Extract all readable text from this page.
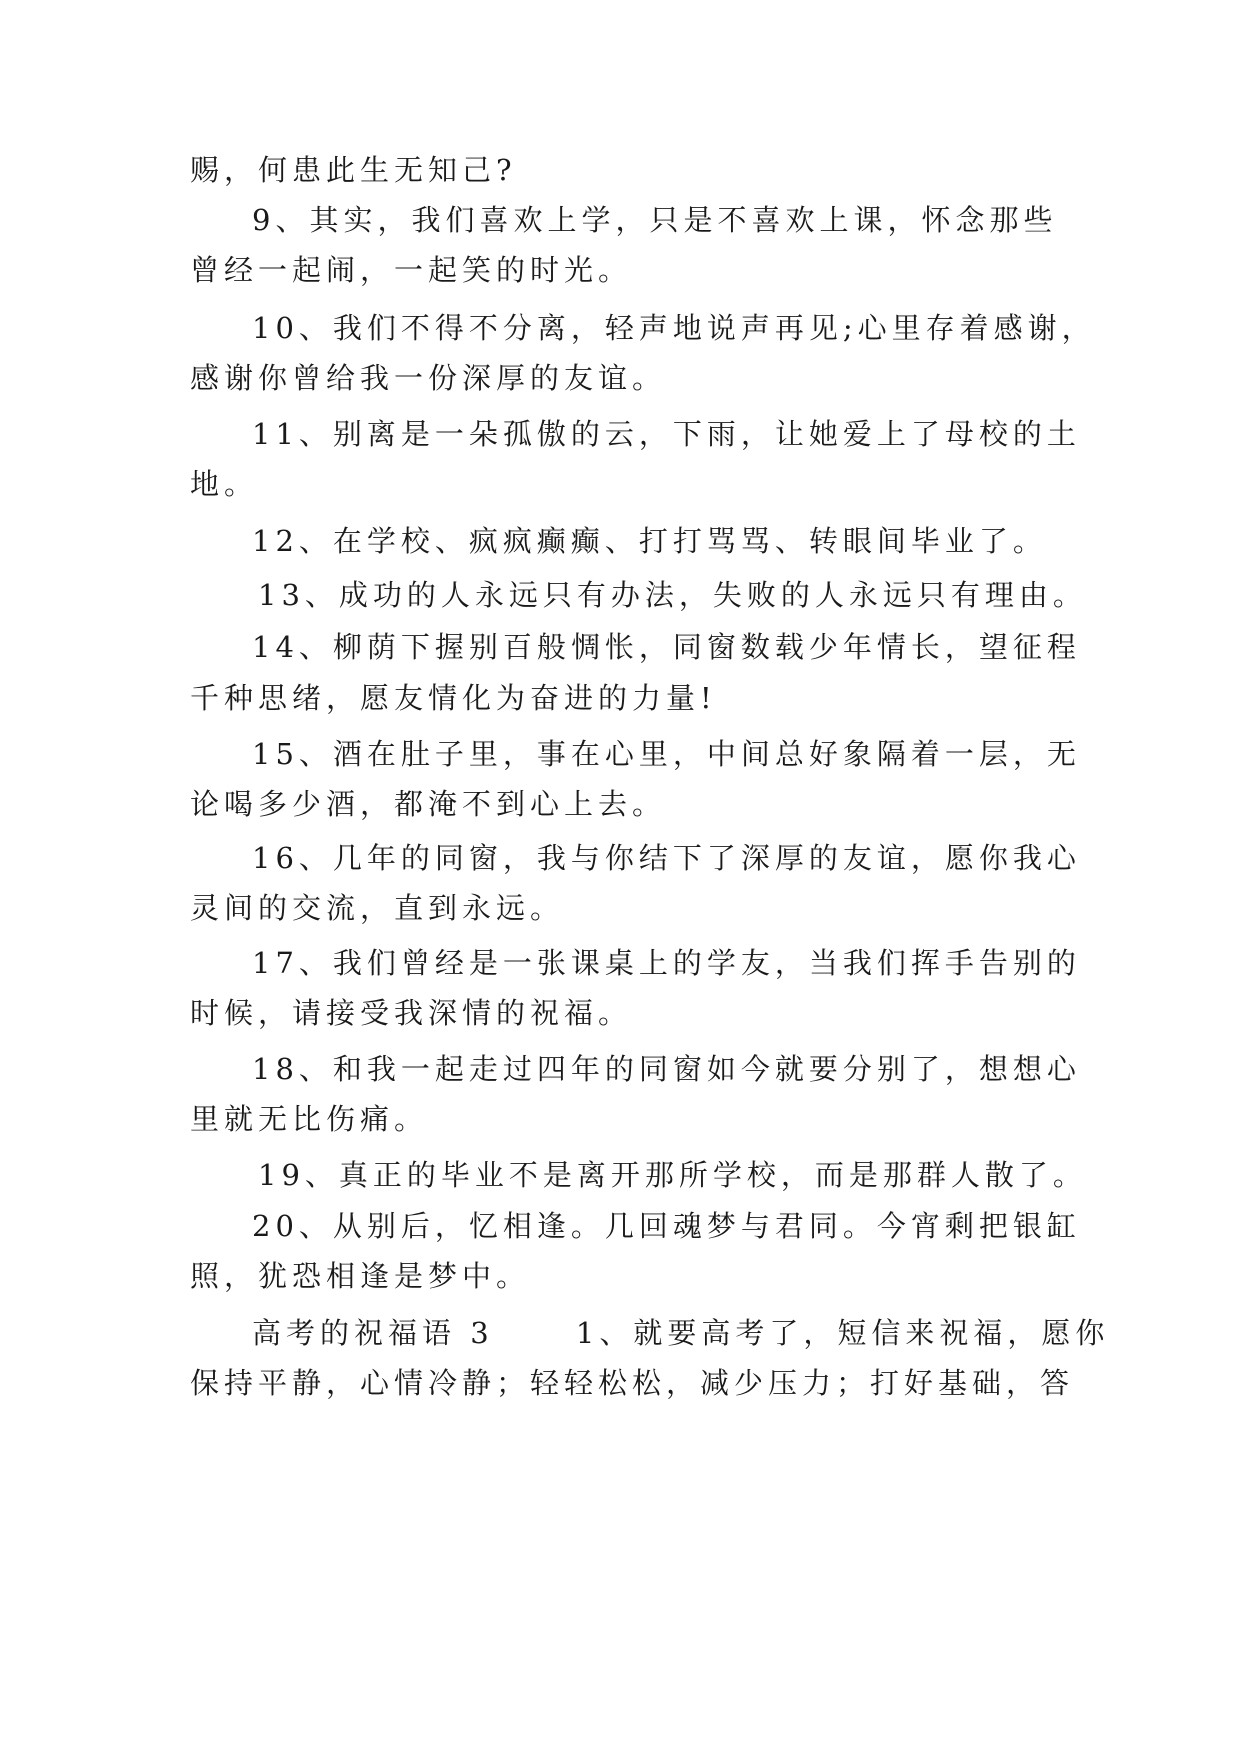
赐，何患此生无知己?
9、其实，我们喜欢上学，只是不喜欢上课，怀念那些
曾经一起闹，一起笑的时光。
10、我们不得不分离，轻声地说声再见;心里存着感谢，
感谢你曾给我一份深厚的友谊。
11、别离是一朵孤傲的云，下雨，让她爱上了母校的土
地。
12、在学校、疯疯癫癫、打打骂骂、转眼间毕业了。
13、成功的人永远只有办法，失败的人永远只有理由。
14、柳荫下握别百般惆怅，同窗数载少年情长，望征程
千种思绪，愿友情化为奋进的力量!
15、酒在肚子里，事在心里，中间总好象隔着一层，无
论喝多少酒，都淹不到心上去。
16、几年的同窗，我与你结下了深厚的友谊，愿你我心
灵间的交流，直到永远。
17、我们曾经是一张课桌上的学友，当我们挥手告别的
时候，请接受我深情的祝福。
18、和我一起走过四年的同窗如今就要分别了，想想心
里就无比伤痛。
19、真正的毕业不是离开那所学校，而是那群人散了。
20、从别后，忆相逢。几回魂梦与君同。今宵剩把银缸
照，犹恐相逢是梦中。
高考的祝福语 3　　 1、就要高考了，短信来祝福，愿你
保持平静，心情冷静；轻轻松松，减少压力；打好基础，答
